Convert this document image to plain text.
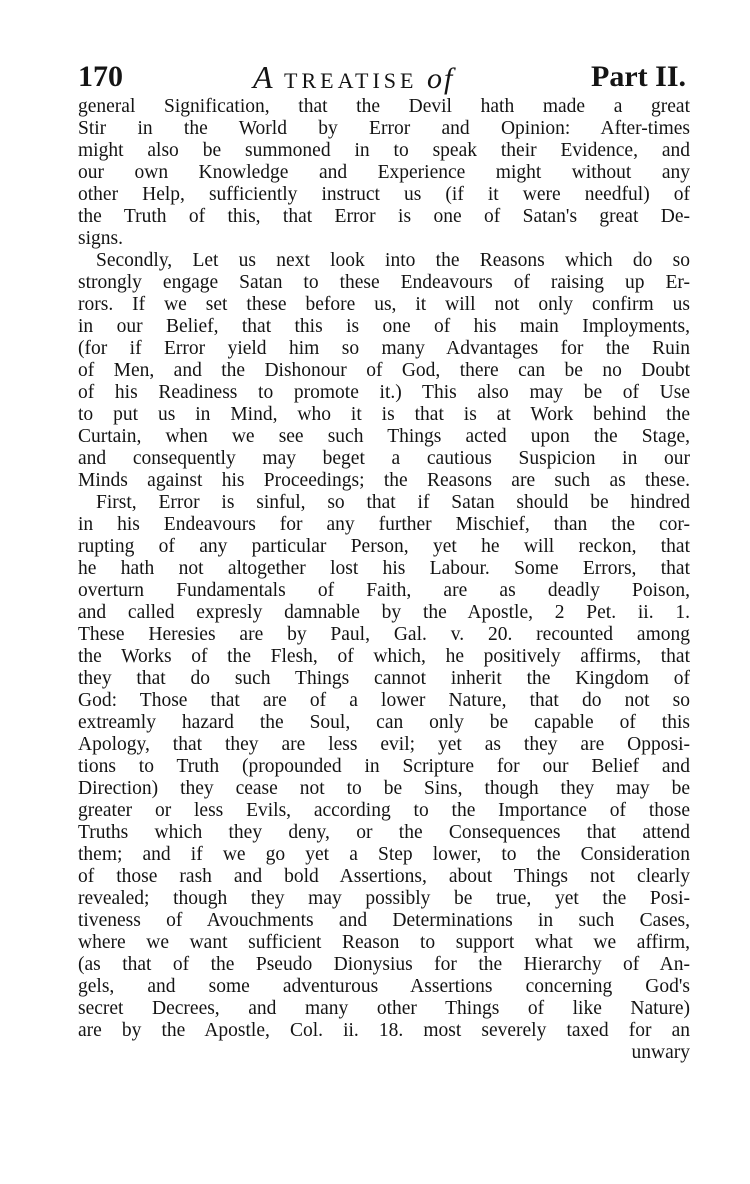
170	A TREATISE of	Part II.
general Signification, that the Devil hath made a great
Stir in the World by Error and Opinion: After-times
might also be summoned in to speak their Evidence, and
our own Knowledge and Experience might without any
other Help, sufficiently instruct us (if it were needful) of
the Truth of this, that Error is one of Satan's great De-
signs.
Secondly, Let us next look into the Reasons which do so
strongly engage Satan to these Endeavours of raising up Er-
rors. If we set these before us, it will not only confirm us
in our Belief, that this is one of his main Imployments,
(for if Error yield him so many Advantages for the Ruin
of Men, and the Dishonour of God, there can be no Doubt
of his Readiness to promote it.) This also may be of Use
to put us in Mind, who it is that is at Work behind the
Curtain, when we see such Things acted upon the Stage,
and consequently may beget a cautious Suspicion in our
Minds against his Proceedings; the Reasons are such as these.
First, Error is sinful, so that if Satan should be hindred
in his Endeavours for any further Mischief, than the cor-
rupting of any particular Person, yet he will reckon, that
he hath not altogether lost his Labour. Some Errors, that
overturn Fundamentals of Faith, are as deadly Poison,
and called expresly damnable by the Apostle, 2 Pet. ii. 1.
These Heresies are by Paul, Gal. v. 20. recounted among
the Works of the Flesh, of which, he positively affirms, that
they that do such Things cannot inherit the Kingdom of
God: Those that are of a lower Nature, that do not so
extreamly hazard the Soul, can only be capable of this
Apology, that they are less evil; yet as they are Opposi-
tions to Truth (propounded in Scripture for our Belief and
Direction) they cease not to be Sins, though they may be
greater or less Evils, according to the Importance of those
Truths which they deny, or the Consequences that attend
them; and if we go yet a Step lower, to the Consideration
of those rash and bold Assertions, about Things not clearly
revealed; though they may possibly be true, yet the Posi-
tiveness of Avouchments and Determinations in such Cases,
where we want sufficient Reason to support what we affirm,
(as that of the Pseudo Dionysius for the Hierarchy of An-
gels, and some adventurous Assertions concerning God's
secret Decrees, and many other Things of like Nature)
are by the Apostle, Col. ii. 18. most severely taxed for an
unwary
